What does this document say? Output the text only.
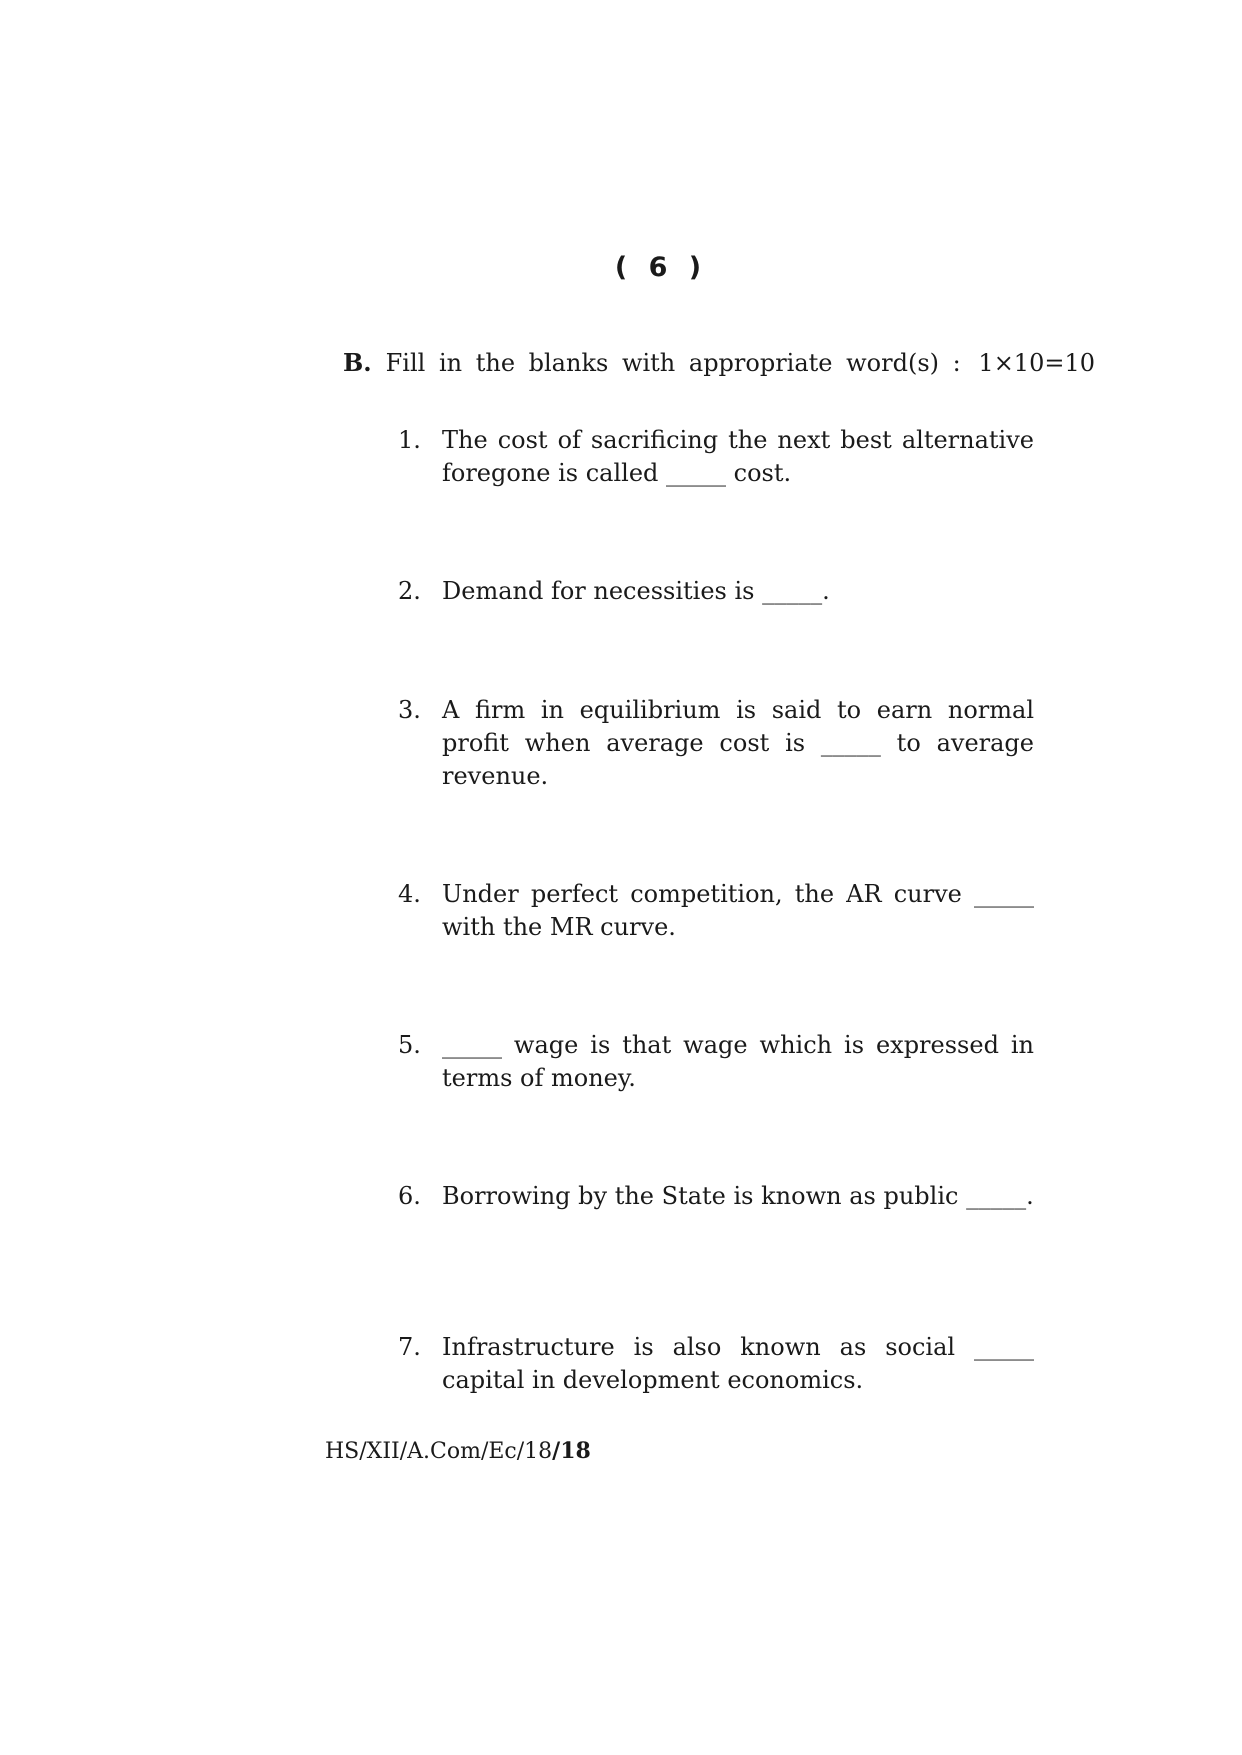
( 6 )
B. Fill in the blanks with appropriate word(s) : 1×10=10
1. The cost of sacrificing the next best alternative foregone is called _____ cost.
2. Demand for necessities is _____.
3. A firm in equilibrium is said to earn normal profit when average cost is _____ to average revenue.
4. Under perfect competition, the AR curve _____ with the MR curve.
5. _____ wage is that wage which is expressed in terms of money.
6. Borrowing by the State is known as public _____.
7. Infrastructure is also known as social _____ capital in development economics.
HS/XII/A.Com/Ec/18/18
